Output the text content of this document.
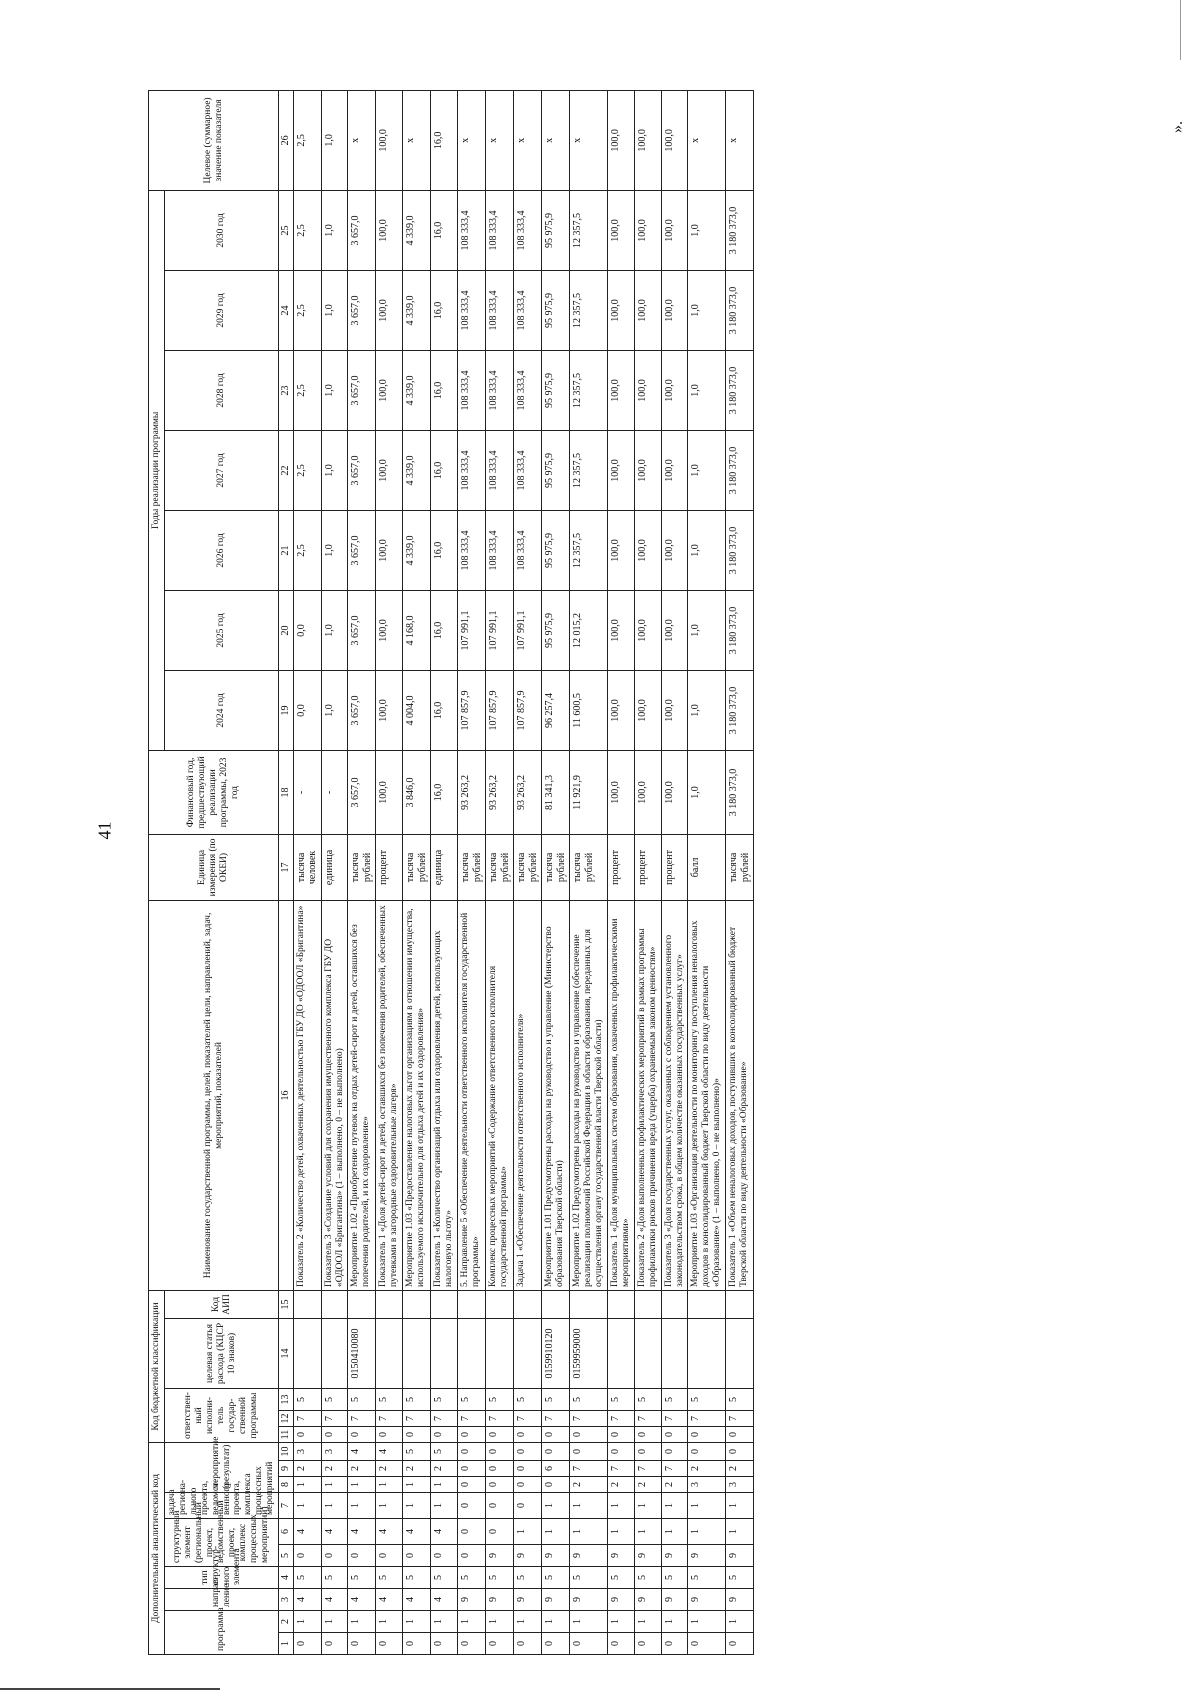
41
».
Дополнительный аналитический код										Код бюджетной классификации					Наименование государственной программы, целей, показателей цели, направлений, задач, мероприятий, показателей	Единица измерения (по ОКЕИ)	Финансовый год, предшествующий реализации программы, 2023 год	Годы реализации программы							Целевое (суммарное) значение показателя
программа		направ-ление	тип структур-ного элемента	структурный элемент (региональный проект, ведомственный проект, комплекс процессных мероприятий)		задача региона-льного проекта, ведомст-венного проекта, комплекса процессных мероприятий	мероприятие (результат)			ответствен-ный исполни-тель государ-ственной программы			целевая статья расхода (КЦСР 10 знаков)	Код АИП				2024 год	2025 год	2026 год	2027 год	2028 год	2029 год	2030 год	
1	2	3	4	5	6	7	8	9	10	11	12	13	14	15	16	17	18	19	20	21	22	23	24	25	26
0	1	4	5	0	4	1	1	2	3	0	7	5			Показатель 2 «Количество детей, охваченных деятельностью ГБУ ДО «ОДООЛ «Бригантина»	тысяча человек	-	0,0	0,0	2,5	2,5	2,5	2,5	2,5	2,5
0	1	4	5	0	4	1	1	2	3	0	7	5			Показатель 3 «Создание условий для сохранения имущественного комплекса ГБУ ДО «ОДООЛ «Бригантина» (1 – выполнено, 0 – не выполнено)	единица	-	1,0	1,0	1,0	1,0	1,0	1,0	1,0	1,0
0	1	4	5	0	4	1	1	2	4	0	7	5	0150410080		Мероприятие 1.02 «Приобретение путевок на отдых детей-сирот и детей, оставшихся без попечения родителей, и их оздоровление»	тысяча рублей	3 657,0	3 657,0	3 657,0	3 657,0	3 657,0	3 657,0	3 657,0	3 657,0	х
0	1	4	5	0	4	1	1	2	4	0	7	5			Показатель 1 «Доля детей-сирот и детей, оставшихся без попечения родителей, обеспеченных путевками в загородные оздоровительные лагеря»	процент	100,0	100,0	100,0	100,0	100,0	100,0	100,0	100,0	100,0
0	1	4	5	0	4	1	1	2	5	0	7	5			Мероприятие 1.03 «Предоставление налоговых льгот организациям в отношении имущества, используемого исключительно для отдыха детей и их оздоровления»	тысяча рублей	3 846,0	4 004,0	4 168,0	4 339,0	4 339,0	4 339,0	4 339,0	4 339,0	х
0	1	4	5	0	4	1	1	2	5	0	7	5			Показатель 1 «Количество организаций отдыха или оздоровления детей, использующих налоговую льготу»	единица	16,0	16,0	16,0	16,0	16,0	16,0	16,0	16,0	16,0
0	1	9	5	0	0	0	0	0	0	0	7	5			5. Направление 5 «Обеспечение деятельности ответственного исполнителя государственной программы»	тысяча рублей	93 263,2	107 857,9	107 991,1	108 333,4	108 333,4	108 333,4	108 333,4	108 333,4	х
0	1	9	5	9	0	0	0	0	0	0	7	5			Комплекс процессных мероприятий «Содержание ответственного исполнителя государственной программы»	тысяча рублей	93 263,2	107 857,9	107 991,1	108 333,4	108 333,4	108 333,4	108 333,4	108 333,4	х
0	1	9	5	9	1	0	0	0	0	0	7	5			Задача 1 «Обеспечение деятельности ответственного исполнителя»	тысяча рублей	93 263,2	107 857,9	107 991,1	108 333,4	108 333,4	108 333,4	108 333,4	108 333,4	х
0	1	9	5	9	1	1	0	6	0	0	7	5	0159910120		Мероприятие 1.01 Предусмотрены расходы на руководство и управление (Министерство образования Тверской области)	тысяча рублей	81 341,3	96 257,4	95 975,9	95 975,9	95 975,9	95 975,9	95 975,9	95 975,9	х
0	1	9	5	9	1	1	2	7	0	0	7	5	0159959000		Мероприятие 1.02 Предусмотрены расходы на руководство и управление (обеспечение реализации полномочий Российской Федерации в области образования, переданных для осуществления органу государственной власти Тверской области)	тысяча рублей	11 921,9	11 600,5	12 015,2	12 357,5	12 357,5	12 357,5	12 357,5	12 357,5	х
0	1	9	5	9	1	1	2	7	0	0	7	5			Показатель 1 «Доля муниципальных систем образования, охваченных профилактическими мероприятиями»	процент	100,0	100,0	100,0	100,0	100,0	100,0	100,0	100,0	100,0
0	1	9	5	9	1	1	2	7	0	0	7	5			Показатель 2 «Доля выполненных профилактических мероприятий в рамках программы профилактики рисков причинения вреда (ущерба) охраняемым законом ценностям»	процент	100,0	100,0	100,0	100,0	100,0	100,0	100,0	100,0	100,0
0	1	9	5	9	1	1	2	7	0	0	7	5			Показатель 3 «Доля государственных услуг, оказанных с соблюдением установленного законодательством срока, в общем количестве оказанных государственных услуг»	процент	100,0	100,0	100,0	100,0	100,0	100,0	100,0	100,0	100,0
0	1	9	5	9	1	1	3	2	0	0	7	5			Мероприятие 1.03 «Организация деятельности по мониторингу поступления неналоговых доходов в консолидированный бюджет Тверской области по виду деятельности «Образование» (1 – выполнено, 0 – не выполнено)»	балл	1,0	1,0	1,0	1,0	1,0	1,0	1,0	1,0	х
0	1	9	5	9	1	1	3	2	0	0	7	5			Показатель 1 «Объем неналоговых доходов, поступивших в консолидированный бюджет Тверской области по виду деятельности «Образование»	тысяча рублей	3 180 373,0	3 180 373,0	3 180 373,0	3 180 373,0	3 180 373,0	3 180 373,0	3 180 373,0	3 180 373,0	х
